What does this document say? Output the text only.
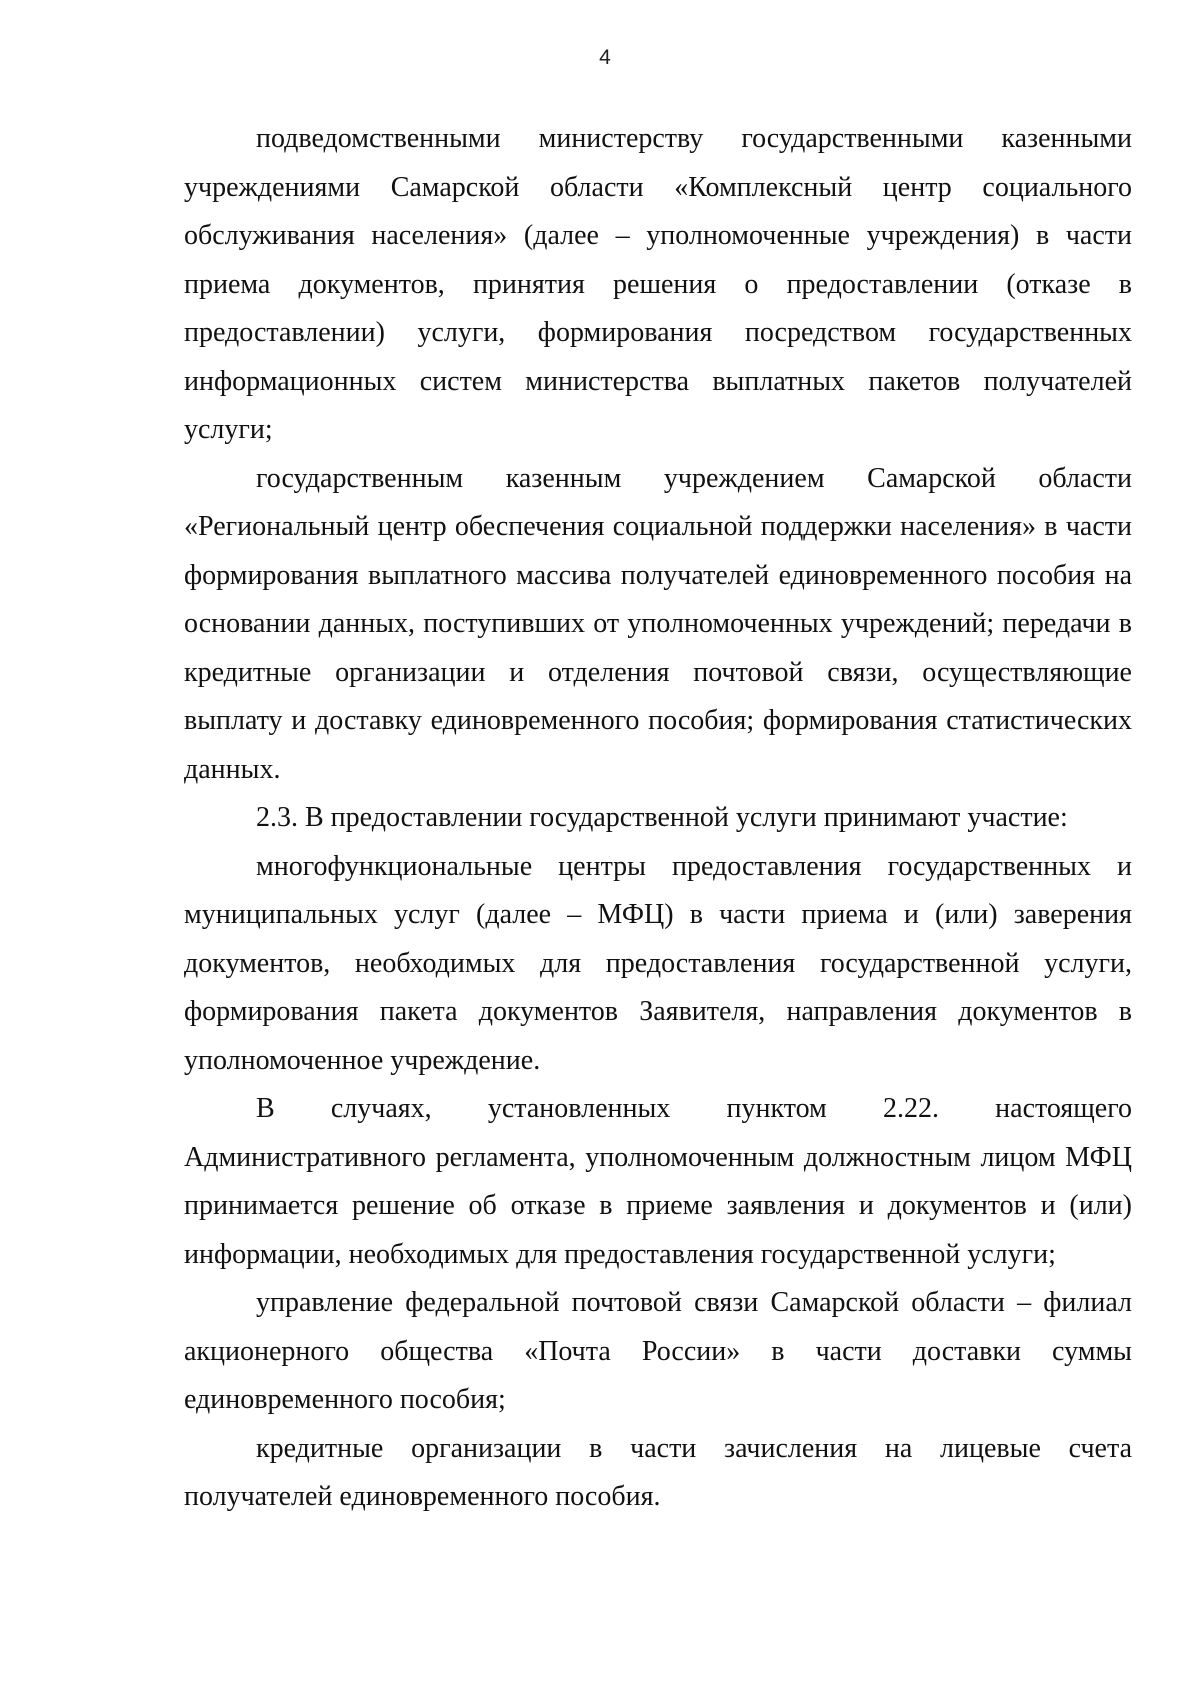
4

подведомственными министерству государственными казенными учреждениями Самарской области «Комплексный центр социального обслуживания населения» (далее – уполномоченные учреждения) в части приема документов, принятия решения о предоставлении (отказе в предоставлении) услуги, формирования посредством государственных информационных систем министерства выплатных пакетов получателей услуги;

государственным казенным учреждением Самарской области «Региональный центр обеспечения социальной поддержки населения» в части формирования выплатного массива получателей единовременного пособия на основании данных, поступивших от уполномоченных учреждений; передачи в кредитные организации и отделения почтовой связи, осуществляющие выплату и доставку единовременного пособия; формирования статистических данных.

2.3. В предоставлении государственной услуги принимают участие:

многофункциональные центры предоставления государственных и муниципальных услуг (далее – МФЦ) в части приема и (или) заверения документов, необходимых для предоставления государственной услуги, формирования пакета документов Заявителя, направления документов в уполномоченное учреждение.

В случаях, установленных пунктом 2.22. настоящего Административного регламента, уполномоченным должностным лицом МФЦ принимается решение об отказе в приеме заявления и документов и (или) информации, необходимых для предоставления государственной услуги;

управление федеральной почтовой связи Самарской области – филиал акционерного общества «Почта России» в части доставки суммы единовременного пособия;

кредитные организации в части зачисления на лицевые счета получателей единовременного пособия.
